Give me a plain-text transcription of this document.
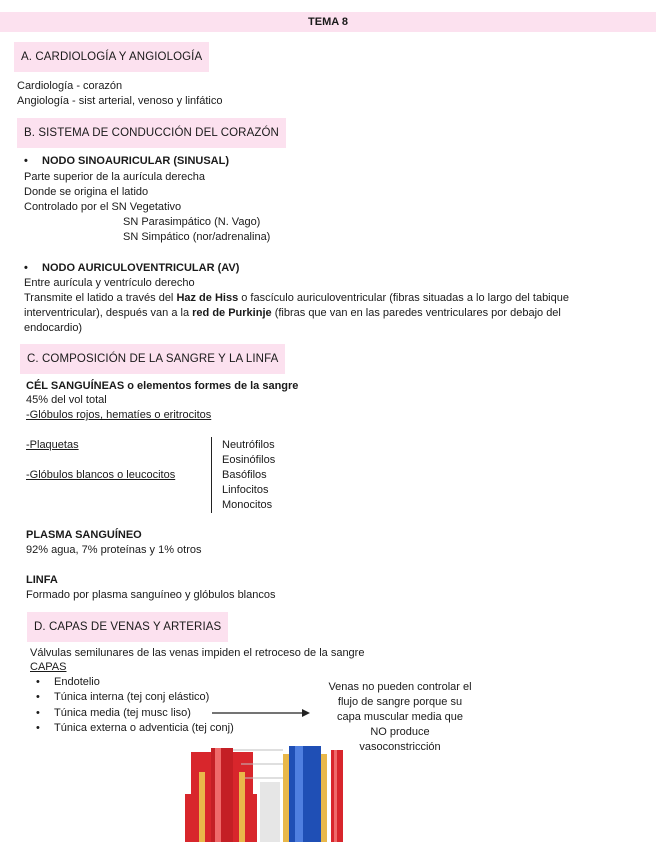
TEMA 8
A. CARDIOLOGÍA Y ANGIOLOGÍA
Cardiología - corazón
Angiología - sist arterial, venoso y linfático
B. SISTEMA DE CONDUCCIÓN DEL CORAZÓN
• NODO SINOAURICULAR (SINUSAL)
Parte superior de la aurícula derecha
Donde se origina el latido
Controlado por el SN Vegetativo
SN Parasimpático (N. Vago)
SN Simpático (nor/adrenalina)
• NODO AURICULOVENTRICULAR (AV)
Entre aurícula y ventrículo derecho
Transmite el latido a través del Haz de Hiss o fascículo auriculoventricular (fibras situadas a lo largo del tabique
interventricular), después van a la red de Purkinje (fibras que van en las paredes ventriculares por debajo del
endocardio)
C. COMPOSICIÓN DE LA SANGRE Y LA LINFA
CÉL SANGUÍNEAS o elementos formes de la sangre
45% del vol total
-Glóbulos rojos, hematíes o eritrocitos
-Plaquetas
-Glóbulos blancos o leucocitos
Neutrófilos
Eosinófilos
Basófilos
Linfocitos
Monocitos
PLASMA SANGUÍNEO
92% agua, 7% proteínas y 1% otros
LINFA
Formado por plasma sanguíneo y glóbulos blancos
D. CAPAS DE VENAS Y ARTERIAS
Válvulas semilunares de las venas impiden el retroceso de la sangre
CAPAS
• Endotelio
• Túnica interna (tej conj elástico)
• Túnica media (tej musc liso)
• Túnica externa o adventicia (tej conj)
Venas no pueden controlar el
flujo de sangre porque su
capa muscular media que
NO produce
vasoconstricción
